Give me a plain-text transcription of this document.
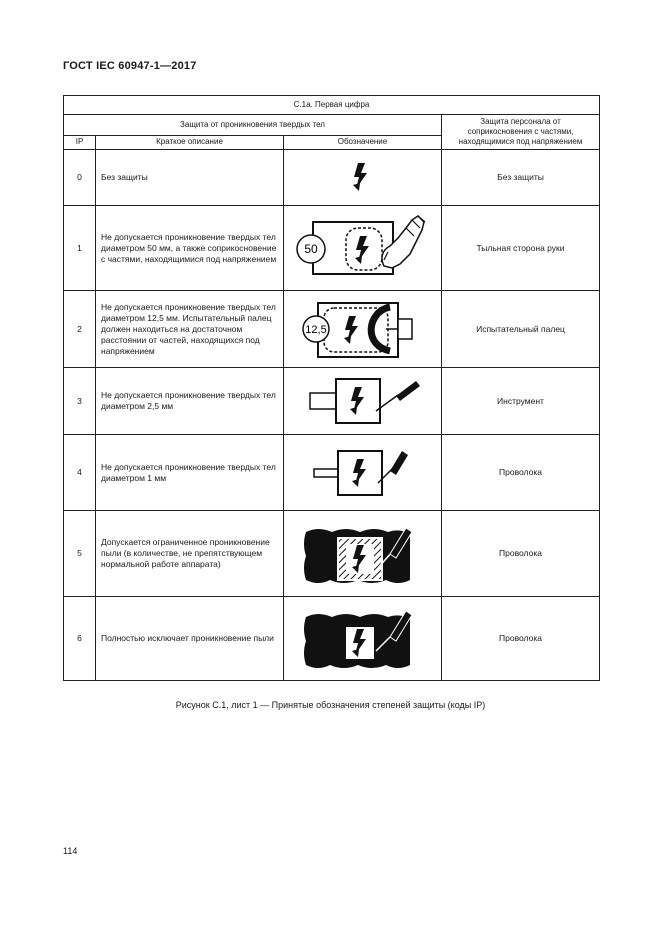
ГОСТ IEC 60947-1—2017
C.1a. Первая цифра			
Защита от проникновения твердых тел			Защита персонала от соприкосновения с частями, находящимися под напряжением
IP	Краткое описание	Обозначение	
0	Без защиты		Без защиты
1	Не допускается проникновение твердых тел диаметром 50 мм, а также соприкосновение с частями, находящимися под напряжением	50	Тыльная сторона руки
2	Не допускается проникновение твердых тел диаметром 12,5 мм. Испытательный палец должен находиться на достаточном расстоянии от частей, находящихся под напряжением	12,5	Испытательный палец
3	Не допускается проникновение твердых тел диаметром 2,5 мм		Инструмент
4	Не допускается проникновение твердых тел диаметром 1 мм		Проволока
5	Допускается ограниченное проникновение пыли (в количестве, не препятствующем нормальной работе аппарата)		Проволока
6	Полностью исключает проникновение пыли		Проволока
Рисунок C.1, лист 1 — Принятые обозначения степеней защиты (коды IP)
114
